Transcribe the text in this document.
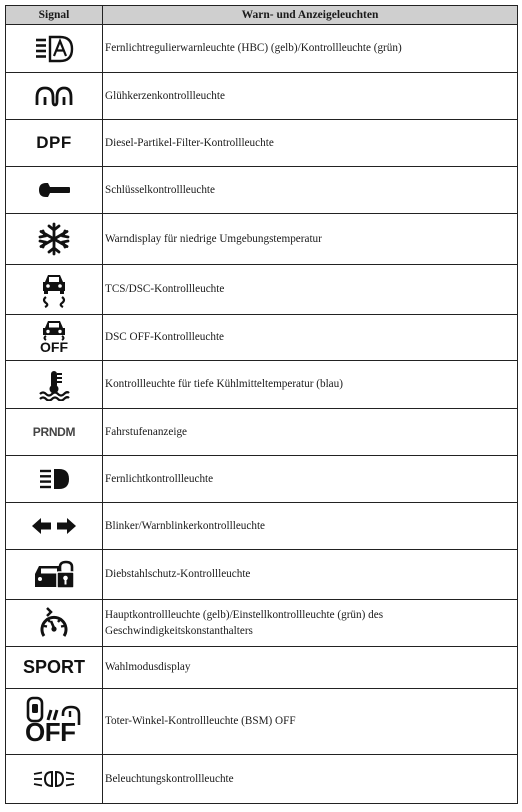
Signal	Warn- und Anzeigeleuchten

	Fernlichtregulierwarnleuchte (HBC) (gelb)/Kontrollleuchte (grün)

	Glühkerzenkontrollleuchte
DPF	Diesel-Partikel-Filter-Kontrollleuchte

	Schlüsselkontrollleuchte

	Warndisplay für niedrige Umgebungstemperatur

	TCS/DSC-Kontrollleuchte

OFF	DSC OFF-Kontrollleuchte

	Kontrollleuchte für tiefe Kühlmitteltemperatur (blau)
PRNDM	Fahrstufenanzeige

	Fernlichtkontrollleuchte

	Blinker/Warnblinkerkontrollleuchte

	Diebstahlschutz-Kontrollleuchte

	Hauptkontrollleuchte (gelb)/Einstellkontrollleuchte (grün) des Geschwindigkeitskonstanthalters
SPORT	Wahlmodusdisplay

OFF	Toter-Winkel-Kontrollleuchte (BSM) OFF

	Beleuchtungskontrollleuchte
